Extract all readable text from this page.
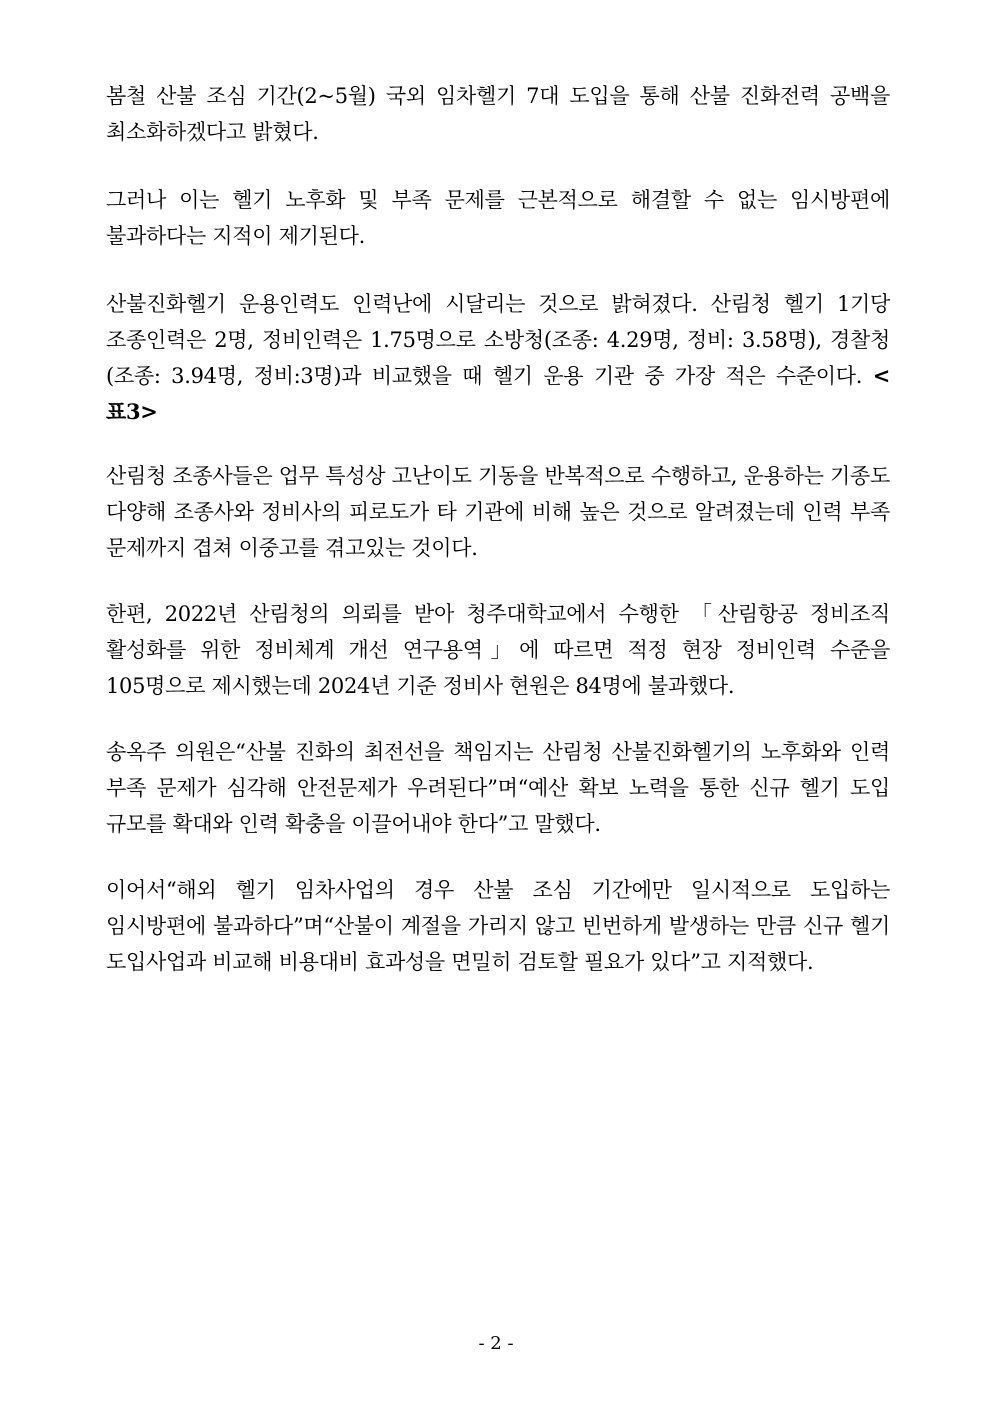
봄철 산불 조심 기간(2~5월) 국외 임차헬기 7대 도입을 통해 산불 진화전력 공백을 최소화하겠다고 밝혔다.

그러나 이는 헬기 노후화 및 부족 문제를 근본적으로 해결할 수 없는 임시방편에 불과하다는 지적이 제기된다.

산불진화헬기 운용인력도 인력난에 시달리는 것으로 밝혀졌다. 산림청 헬기 1기당 조종인력은 2명, 정비인력은 1.75명으로 소방청(조종: 4.29명, 정비: 3.58명), 경찰청 (조종: 3.94명, 정비:3명)과 비교했을 때 헬기 운용 기관 중 가장 적은 수준이다. <표3>

산림청 조종사들은 업무 특성상 고난이도 기동을 반복적으로 수행하고, 운용하는 기종도 다양해 조종사와 정비사의 피로도가 타 기관에 비해 높은 것으로 알려졌는데 인력 부족 문제까지 겹쳐 이중고를 겪고있는 것이다.

한편, 2022년 산림청의 의뢰를 받아 청주대학교에서 수행한 「산림항공 정비조직 활성화를 위한 정비체계 개선 연구용역」에 따르면 적정 현장 정비인력 수준을 105명으로 제시했는데 2024년 기준 정비사 현원은 84명에 불과했다.

송옥주 의원은“산불 진화의 최전선을 책임지는 산림청 산불진화헬기의 노후화와 인력 부족 문제가 심각해 안전문제가 우려된다”며“예산 확보 노력을 통한 신규 헬기 도입 규모를 확대와 인력 확충을 이끌어내야 한다”고 말했다.

이어서“해외 헬기 임차사업의 경우 산불 조심 기간에만 일시적으로 도입하는 임시방편에 불과하다”며“산불이 계절을 가리지 않고 빈번하게 발생하는 만큼 신규 헬기 도입사업과 비교해 비용대비 효과성을 면밀히 검토할 필요가 있다”고 지적했다.

- 2 -
